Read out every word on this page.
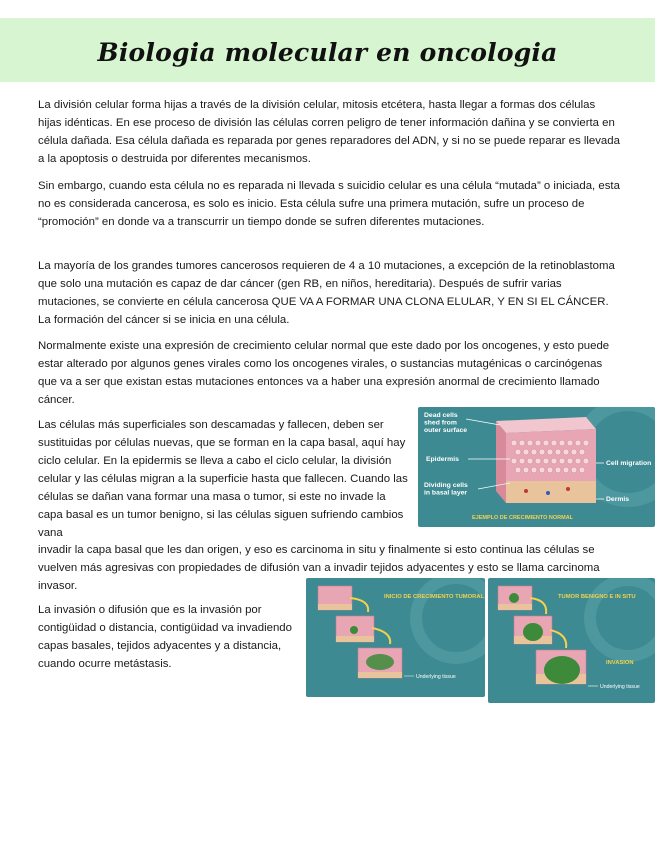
Biologia molecular en oncologia

La división celular forma hijas a través de la división celular, mitosis etcétera, hasta llegar a formas dos células hijas idénticas. En ese proceso de división las células corren peligro de tener información dañina y se convierta en célula dañada. Esa célula dañada es reparada por genes reparadores del ADN, y si no se puede reparar es llevada a la apoptosis o destruida por diferentes mecanismos.

Sin embargo, cuando esta célula no es reparada ni llevada s suicidio celular es una célula “mutada” o iniciada, esta no es considerada cancerosa, es solo es inicio. Esta célula sufre una primera mutación, sufre un proceso de “promoción” en donde va a transcurrir un tiempo donde se sufren diferentes mutaciones.

La mayoría de los grandes tumores cancerosos requieren de 4 a 10 mutaciones, a excepción de la retinoblastoma que solo una mutación es capaz de dar cáncer (gen RB, en niños, hereditaria). Después de sufrir varias mutaciones, se convierte en célula cancerosa QUE VA A FORMAR UNA CLONA ELULAR, Y EN SI EL CÁNCER. La formación del cáncer si se inicia en una célula.

Normalmente existe una expresión de crecimiento celular normal que este dado por los oncogenes, y esto puede estar alterado por algunos genes virales como los oncogenes virales, o sustancias mutagénicas o carcinógenas que va a ser que existan estas mutaciones entonces va a haber una expresión anormal de crecimiento llamado cáncer.

Las células más superficiales son descamadas y fallecen, deben ser sustituidas por células nuevas, que se forman en la capa basal, aquí hay ciclo celular. En la epidermis se lleva a cabo el ciclo celular, la división celular y las células migran a la superficie hasta que fallecen. Cuando las células se dañan vana formar una masa o tumor, si este no invade la capa basal es un tumor benigno, si las células siguen sufriendo cambios vana

invadir la capa basal que les dan origen, y eso es carcinoma in situ y finalmente si esto continua las células se vuelven más agresivas con propiedades de difusión van a invadir tejidos adyacentes y esto se llama carcinoma invasor.

La invasión o difusión que es la invasión por contigüidad o distancia, contigüidad va invadiendo capas basales, tejidos adyacentes y a distancia, cuando ocurre metástasis.

Dead cells shed from outer surface
Epidermis
Dividing cells in basal layer
Cell migration
Dermis
EJEMPLO DE CRECIMIENTO NORMAL
INICIO DE CRECIMIENTO TUMORAL
Underlying tissue
TUMOR BENIGNO E IN SITU
INVASION
Underlying tissue
